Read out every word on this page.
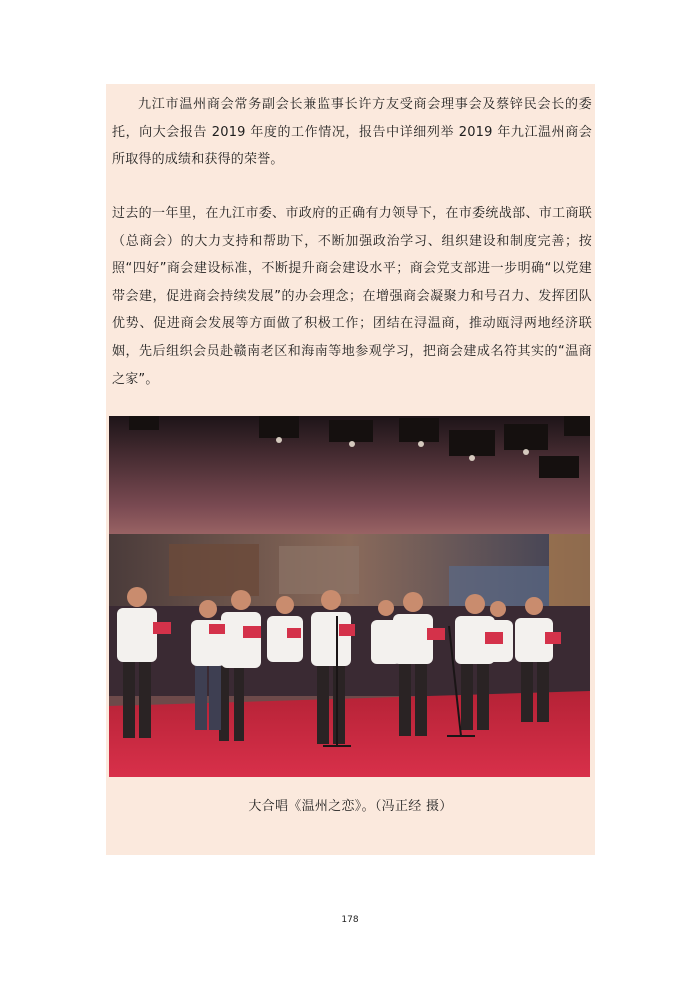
九江市温州商会常务副会长兼监事长许方友受商会理事会及蔡锌民会长的委托，向大会报告 2019 年度的工作情况，报告中详细列举 2019 年九江温州商会所取得的成绩和获得的荣誉。

过去的一年里，在九江市委、市政府的正确有力领导下，在市委统战部、市工商联（总商会）的大力支持和帮助下，不断加强政治学习、组织建设和制度完善；按照“四好”商会建设标准，不断提升商会建设水平；商会党支部进一步明确“以党建带会建，促进商会持续发展”的办会理念；在增强商会凝聚力和号召力、发挥团队优势、促进商会发展等方面做了积极工作；团结在浔温商，推动瓯浔两地经济联姻，先后组织会员赴赣南老区和海南等地参观学习，把商会建成名符其实的“温商之家”。

大合唱《温州之恋》。（冯正经 摄）
178
